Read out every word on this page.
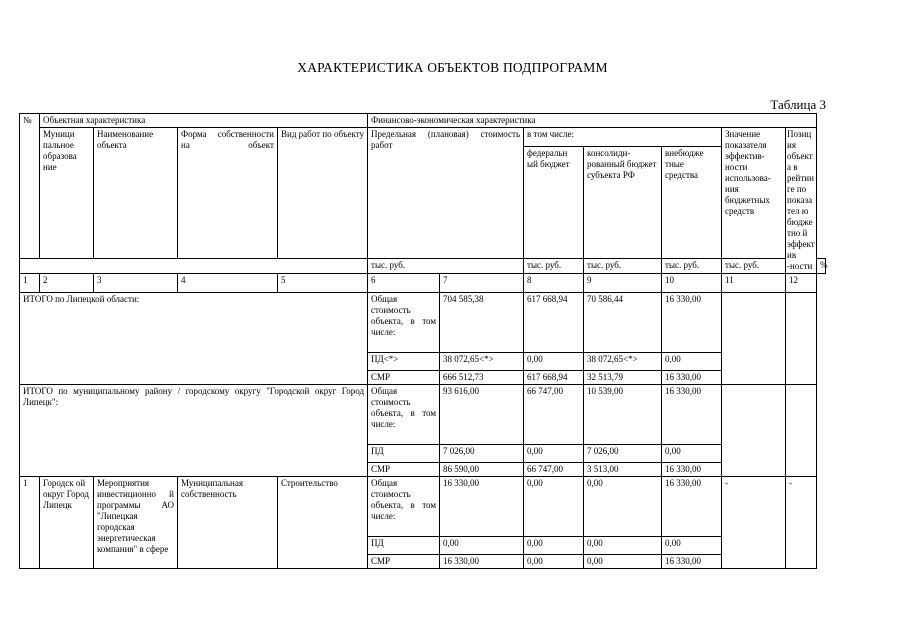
ХАРАКТЕРИСТИКА ОБЪЕКТОВ ПОДПРОГРАММ
Таблица 3
№	Объектная характеристика				Финансово-экономическая характеристика							
	Муници пальное образова ние	Наименование объекта	Форма собственности на объект	Вид работ по объекту	Предельная (плановая) стоимость работ		в том числе:			Значение показателя эффектив- ности использова- ния бюджетных средств	Позиция объекта в рейтинге по показател ю бюджетно й эффектив -ности	
							федеральн ый бюджет	консолиди- рованный бюджет субъекта РФ	внебюдже тные средства			
					тыс. руб.		тыс. руб.	тыс. руб.	тыс. руб.	тыс. руб.		%
1	2	3	4	5	6	7	8	9	10	11	12	
ИТОГО по Липецкой области:					Общая стоимость объекта, в том числе:	704 585,38	617 668,94	70 586,44	16 330,00			
					ПД<*>	38 072,65<*>	0,00	38 072,65<*>	0,00			
					СМР	666 512,73	617 668,94	32 513,79	16 330,00			
ИТОГО по муниципальному району / городскому округу "Городской округ Город Липецк":					Общая стоимость объекта, в том числе:	93 616,00	66 747,00	10 539,00	16 330,00			
					ПД	7 026,00	0,00	7 026,00	0,00			
					СМР	86 590,00	66 747,00	3 513,00	16 330,00			
1	Городск ой округ Город Липецк	Мероприятия инвестиционно й программы АО "Липецкая городская энергетическая компания" в сфере	Муниципальная собственность	Строительство	Общая стоимость объекта, в том числе:	16 330,00	0,00	0,00	16 330,00	-	-	
					ПД	0,00	0,00	0,00	0,00			
					СМР	16 330,00	0,00	0,00	16 330,00			
